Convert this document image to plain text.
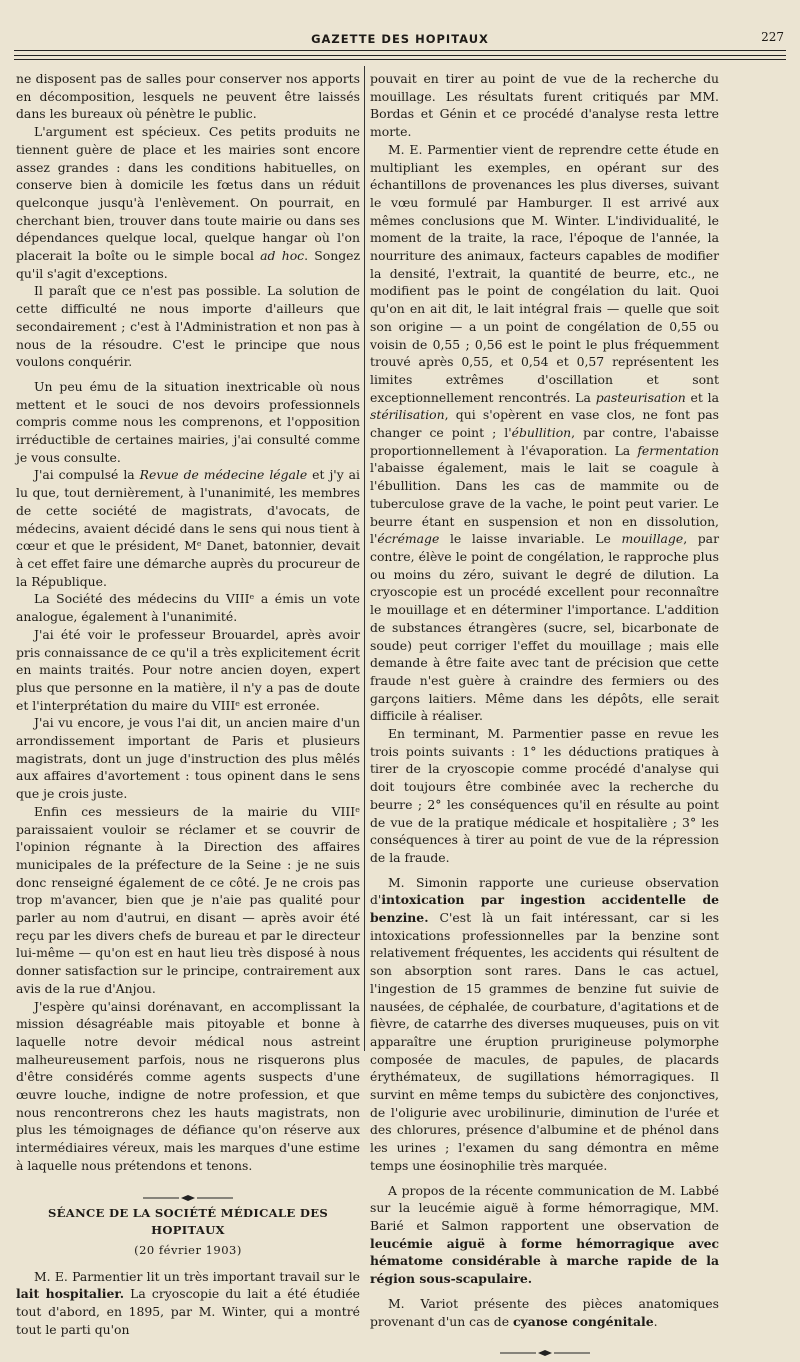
GAZETTE DES HOPITAUX	227

ne disposent pas de salles pour conserver nos apports en décomposition, lesquels ne peuvent être laissés dans les bureaux où pénètre le public.

L'argument est spécieux. Ces petits produits ne tiennent guère de place et les mairies sont encore assez grandes : dans les conditions habituelles, on conserve bien à domicile les fœtus dans un réduit quelconque jusqu'à l'enlèvement. On pourrait, en cherchant bien, trouver dans toute mairie ou dans ses dépendances quelque local, quelque hangar où l'on placerait la boîte ou le simple bocal ad hoc. Songez qu'il s'agit d'exceptions.

Il paraît que ce n'est pas possible. La solution de cette difficulté ne nous importe d'ailleurs que secondairement ; c'est à l'Administration et non pas à nous de la résoudre. C'est le principe que nous voulons conquérir.

Un peu ému de la situation inextricable où nous mettent et le souci de nos devoirs professionnels compris comme nous les comprenons, et l'opposition irréductible de certaines mairies, j'ai consulté comme je vous consulte.

J'ai compulsé la Revue de médecine légale et j'y ai lu que, tout dernièrement, à l'unanimité, les membres de cette société de magistrats, d'avocats, de médecins, avaient décidé dans le sens qui nous tient à cœur et que le président, Mᵉ Danet, batonnier, devait à cet effet faire une démarche auprès du procureur de la République.

La Société des médecins du VIIIᵉ a émis un vote analogue, également à l'unanimité.

J'ai été voir le professeur Brouardel, après avoir pris connaissance de ce qu'il a très explicitement écrit en maints traités. Pour notre ancien doyen, expert plus que personne en la matière, il n'y a pas de doute et l'interprétation du maire du VIIIᵉ est erronée.

J'ai vu encore, je vous l'ai dit, un ancien maire d'un arrondissement important de Paris et plusieurs magistrats, dont un juge d'instruction des plus mêlés aux affaires d'avortement : tous opinent dans le sens que je crois juste.

Enfin ces messieurs de la mairie du VIIIᵉ paraissaient vouloir se réclamer et se couvrir de l'opinion régnante à la Direction des affaires municipales de la préfecture de la Seine : je ne suis donc renseigné également de ce côté. Je ne crois pas trop m'avancer, bien que je n'aie pas qualité pour parler au nom d'autrui, en disant — après avoir été reçu par les divers chefs de bureau et par le directeur lui-même — qu'on est en haut lieu très disposé à nous donner satisfaction sur le principe, contrairement aux avis de la rue d'Anjou.

J'espère qu'ainsi dorénavant, en accomplissant la mission désagréable mais pitoyable et bonne à laquelle notre devoir médical nous astreint malheureusement parfois, nous ne risquerons plus d'être considérés comme agents suspects d'une œuvre louche, indigne de notre profession, et que nous rencontrerons chez les hauts magistrats, non plus les témoignages de défiance qu'on réserve aux intermédiaires véreux, mais les marques d'une estime à laquelle nous prétendons et tenons.

SÉANCE DE LA SOCIÉTÉ MÉDICALE DES HOPITAUX
(20 février 1903)

M. E. Parmentier lit un très important travail sur le lait hospitalier. La cryoscopie du lait a été étudiée tout d'abord, en 1895, par M. Winter, qui a montré tout le parti qu'on

pouvait en tirer au point de vue de la recherche du mouillage. Les résultats furent critiqués par MM. Bordas et Génin et ce procédé d'analyse resta lettre morte.

M. E. Parmentier vient de reprendre cette étude en multipliant les exemples, en opérant sur des échantillons de provenances les plus diverses, suivant le vœu formulé par Hamburger. Il est arrivé aux mêmes conclusions que M. Winter. L'individualité, le moment de la traite, la race, l'époque de l'année, la nourriture des animaux, facteurs capables de modifier la densité, l'extrait, la quantité de beurre, etc., ne modifient pas le point de congélation du lait. Quoi qu'on en ait dit, le lait intégral frais — quelle que soit son origine — a un point de congélation de 0,55 ou voisin de 0,55 ; 0,56 est le point le plus fréquemment trouvé après 0,55, et 0,54 et 0,57 représentent les limites extrêmes d'oscillation et sont exceptionnellement rencontrés. La pasteurisation et la stérilisation, qui s'opèrent en vase clos, ne font pas changer ce point ; l'ébullition, par contre, l'abaisse proportionnellement à l'évaporation. La fermentation l'abaisse également, mais le lait se coagule à l'ébullition. Dans les cas de mammite ou de tuberculose grave de la vache, le point peut varier. Le beurre étant en suspension et non en dissolution, l'écrémage le laisse invariable. Le mouillage, par contre, élève le point de congélation, le rapproche plus ou moins du zéro, suivant le degré de dilution. La cryoscopie est un procédé excellent pour reconnaître le mouillage et en déterminer l'importance. L'addition de substances étrangères (sucre, sel, bicarbonate de soude) peut corriger l'effet du mouillage ; mais elle demande à être faite avec tant de précision que cette fraude n'est guère à craindre des fermiers ou des garçons laitiers. Même dans les dépôts, elle serait difficile à réaliser.

En terminant, M. Parmentier passe en revue les trois points suivants : 1° les déductions pratiques à tirer de la cryoscopie comme procédé d'analyse qui doit toujours être combinée avec la recherche du beurre ; 2° les conséquences qu'il en résulte au point de vue de la pratique médicale et hospitalière ; 3° les conséquences à tirer au point de vue de la répression de la fraude.

M. Simonin rapporte une curieuse observation d'intoxication par ingestion accidentelle de benzine. C'est là un fait intéressant, car si les intoxications professionnelles par la benzine sont relativement fréquentes, les accidents qui résultent de son absorption sont rares. Dans le cas actuel, l'ingestion de 15 grammes de benzine fut suivie de nausées, de céphalée, de courbature, d'agitations et de fièvre, de catarrhe des diverses muqueuses, puis on vit apparaître une éruption prurigineuse polymorphe composée de macules, de papules, de placards érythémateux, de sugillations hémorragiques. Il survint en même temps du subictère des conjonctives, de l'oligurie avec urobilinurie, diminution de l'urée et des chlorures, présence d'albumine et de phénol dans les urines ; l'examen du sang démontra en même temps une éosinophilie très marquée.

A propos de la récente communication de M. Labbé sur la leucémie aiguë à forme hémorragique, MM. Barié et Salmon rapportent une observation de leucémie aiguë à forme hémorragique avec hématome considérable à marche rapide de la région sous-scapulaire.

M. Variot présente des pièces anatomiques provenant d'un cas de cyanose congénitale.
